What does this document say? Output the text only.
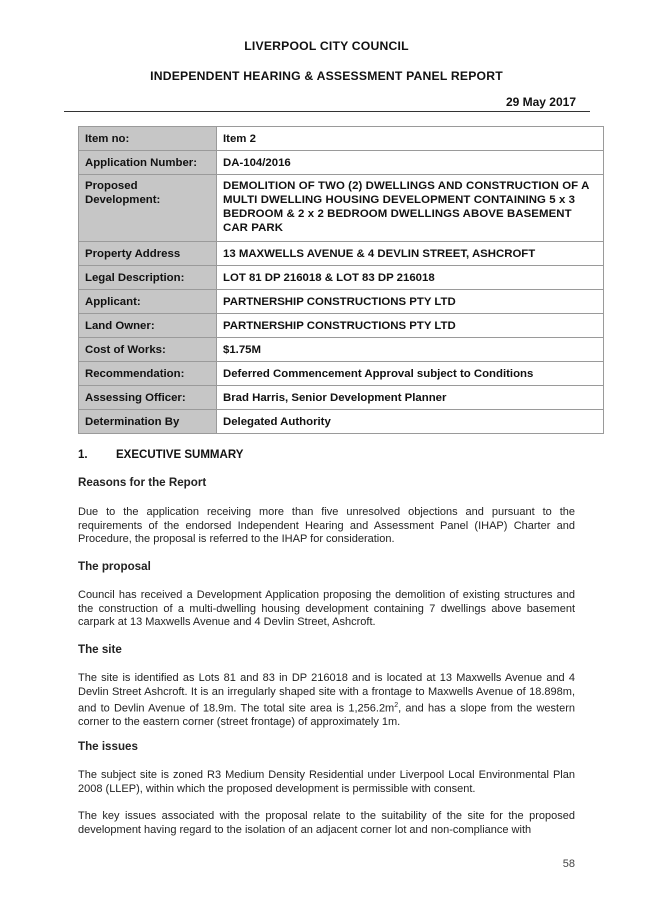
LIVERPOOL CITY COUNCIL
INDEPENDENT HEARING & ASSESSMENT PANEL REPORT
29 May 2017
Item no:	Item 2
Application Number:	DA-104/2016
Proposed Development:	DEMOLITION OF TWO (2) DWELLINGS AND CONSTRUCTION OF A MULTI DWELLING HOUSING DEVELOPMENT CONTAINING 5 x 3 BEDROOM & 2 x 2 BEDROOM DWELLINGS ABOVE BASEMENT CAR PARK
Property Address	13 MAXWELLS AVENUE & 4 DEVLIN STREET, ASHCROFT
Legal Description:	LOT 81 DP 216018 & LOT 83 DP 216018
Applicant:	PARTNERSHIP CONSTRUCTIONS PTY LTD
Land Owner:	PARTNERSHIP CONSTRUCTIONS PTY LTD
Cost of Works:	$1.75M
Recommendation:	Deferred Commencement Approval subject to Conditions
Assessing Officer:	Brad Harris, Senior Development Planner
Determination By	Delegated Authority
1. EXECUTIVE SUMMARY
Reasons for the Report
Due to the application receiving more than five unresolved objections and pursuant to the requirements of the endorsed Independent Hearing and Assessment Panel (IHAP) Charter and Procedure, the proposal is referred to the IHAP for consideration.
The proposal
Council has received a Development Application proposing the demolition of existing structures and the construction of a multi-dwelling housing development containing 7 dwellings above basement carpark at 13 Maxwells Avenue and 4 Devlin Street, Ashcroft.
The site
The site is identified as Lots 81 and 83 in DP 216018 and is located at 13 Maxwells Avenue and 4 Devlin Street Ashcroft. It is an irregularly shaped site with a frontage to Maxwells Avenue of 18.898m, and to Devlin Avenue of 18.9m. The total site area is $1,256.2m^2$, and has a slope from the western corner to the eastern corner (street frontage) of approximately 1m.
The issues
The subject site is zoned R3 Medium Density Residential under Liverpool Local Environmental Plan 2008 (LLEP), within which the proposed development is permissible with consent.
The key issues associated with the proposal relate to the suitability of the site for the proposed development having regard to the isolation of an adjacent corner lot and non-compliance with
58
